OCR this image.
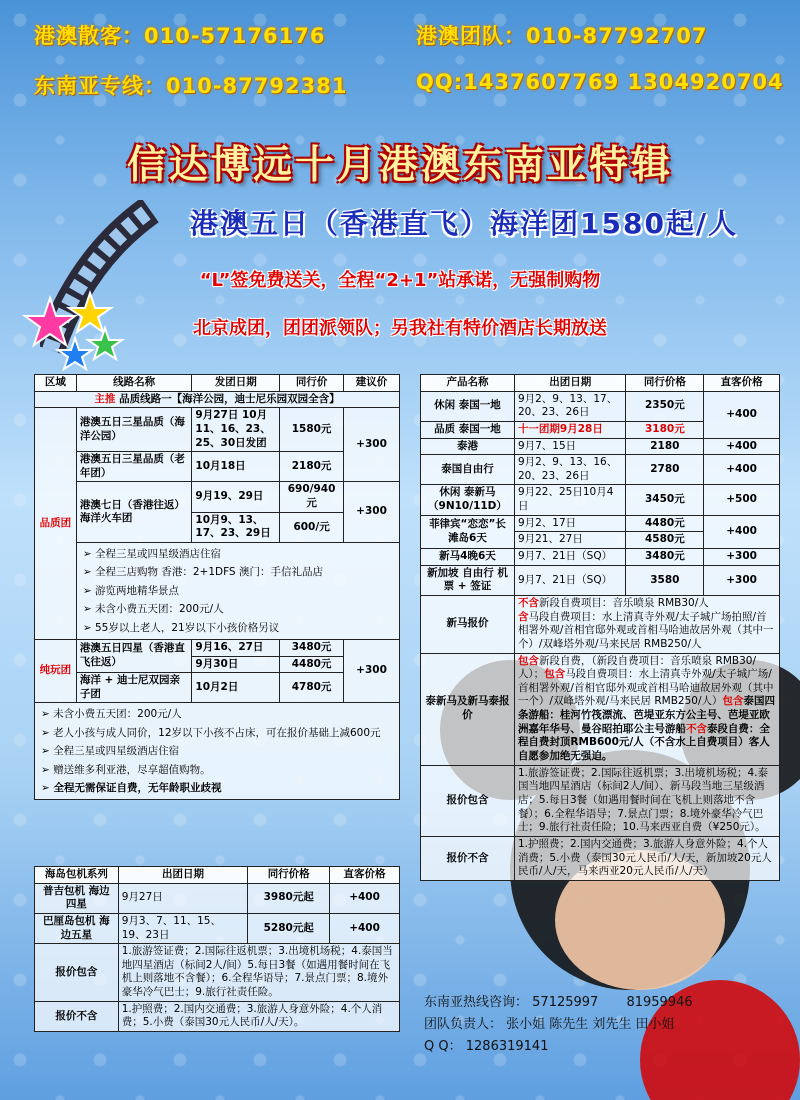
港澳散客：010-57176176	港澳团队：010-87792707
东南亚专线：010-87792381	QQ:1437607769 1304920704
信达博远十月港澳东南亚特辑
港澳五日（香港直飞）海洋团1580起/人
“L”签免费送关，全程“2+1”站承诺，无强制购物
北京成团，团团派领队；另我社有特价酒店长期放送
区域	线路名称	发团日期	同行价	建议价
主推 品质线路一【海洋公园，迪士尼乐园双园全含】				
品质团	港澳五日三星品质（海洋公园）	9月27日 10月11、16、23、25、30日发团	1580元	+300
	港澳五日三星品质（老年团）	10月18日	2180元	
	港澳七日（香港往返）海洋火车团	9月19、29日	690/940元	+300
		10月9、13、17、23、29日	600/元	

	➢ 全程三星或四星级酒店住宿
➢ 全程三店购物 香港：2+1DFS 澳门：手信礼品店
➢ 游览两地精华景点
➢ 未含小费五天团：200元/人
➢ 55岁以上老人，21岁以下小孩价格另议

纯玩团	港澳五日四星（香港直飞往返）	9月16、27日	3480元	+300
		9月30日	4480元	
	海洋 + 迪士尼双园亲子团	10月2日	4780元	

➢ 未含小费五天团：200元/人
➢ 老人小孩与成人同价，12岁以下小孩不占床，可在报价基础上减600元
➢ 全程三星或四星级酒店住宿
➢ 赠送维多利亚港，尽享超值购物。
➢ 全程无需保证自费，无年龄职业歧视
海岛包机系列	出团日期	同行价格	直客价格
普吉包机 海边四星	9月27日	3980元起	+400
巴厘岛包机 海边五星	9月3、7、11、15、19、23日	5280元起	+400
报价包含	1.旅游签证费；2.国际往返机票；3.出境机场税；4.泰国当地四星酒店（标间2人/间）5.每日3餐（如遇用餐时间在飞机上则落地不含餐）；6.全程华语导；7.景点门票；8.境外豪华冷气巴士；9.旅行社责任险。		
报价不含	1.护照费；2.国内交通费；3.旅游人身意外险；4.个人消费；5.小费（泰国30元人民币/人/天）。		
产品名称	出团日期	同行价格	直客价格
休闲 泰国一地	9月2、9、13、17、20、23、26日	2350元	+400
品质 泰国一地	十一团期9月28日	3180元	
泰港	9月7、15日	2180	+400
泰国自由行	9月2、9、13、16、20、23、26日	2780	+400
休闲 泰新马（9N10/11D）	9月22、25日10月4日	3450元	+500
菲律宾“恋恋”长滩岛6天	9月2、17日	4480元	+400
	9月21、27日	4580元	
新马4晚6天	9月7、21日（SQ）	3480元	+300
新加坡 自由行 机票 + 签证	9月7、21日（SQ）	3580	+300
新马报价	不含新段自费项目：音乐喷泉 RMB30/人
含马段自费项目：水上清真寺外观/太子城广场拍照/首相署外观/首相官邸外观或首相马哈迪故居外观（其中一个）/双峰塔外观/马来民居 RMB250/人		
泰新马及新马泰报价	包含新段自费，（新段自费项目：音乐喷泉 RMB30/人）；包含马段自费项目：水上清真寺外观/太子城广场/首相署外观/首相官邸外观或首相马哈迪故居外观（其中一个）/双峰塔外观/马来民居 RMB250/人）包含泰国四条游船：桂河竹筏漂流、芭堤亚东方公主号、芭堤亚欧洲嘉年华号、曼谷昭拍耶公主号游船不含泰段自费：全程自费封顶RMB600元/人（不含水上自费项目）客人自愿参加绝无强迫。		
报价包含	1.旅游签证费；2.国际往返机票；3.出境机场税；4.泰国当地四星酒店（标间2人/间）、新马段当地三星级酒店；5.每日3餐（如遇用餐时间在飞机上则落地不含餐）；6.全程华语导；7.景点门票；8.境外豪华冷气巴士；9.旅行社责任险；10.马来西亚自费（¥250元）。		
报价不含	1.护照费；2.国内交通费；3.旅游人身意外险；4.个人消费；5.小费（泰国30元人民币/人/天，新加坡20元人民币/人/天，马来西亚20元人民币/人/天）		
东南亚热线咨询： 57125997 81959946
团队负责人： 张小姐 陈先生 刘先生 田小姐
Q Q： 1286319141
